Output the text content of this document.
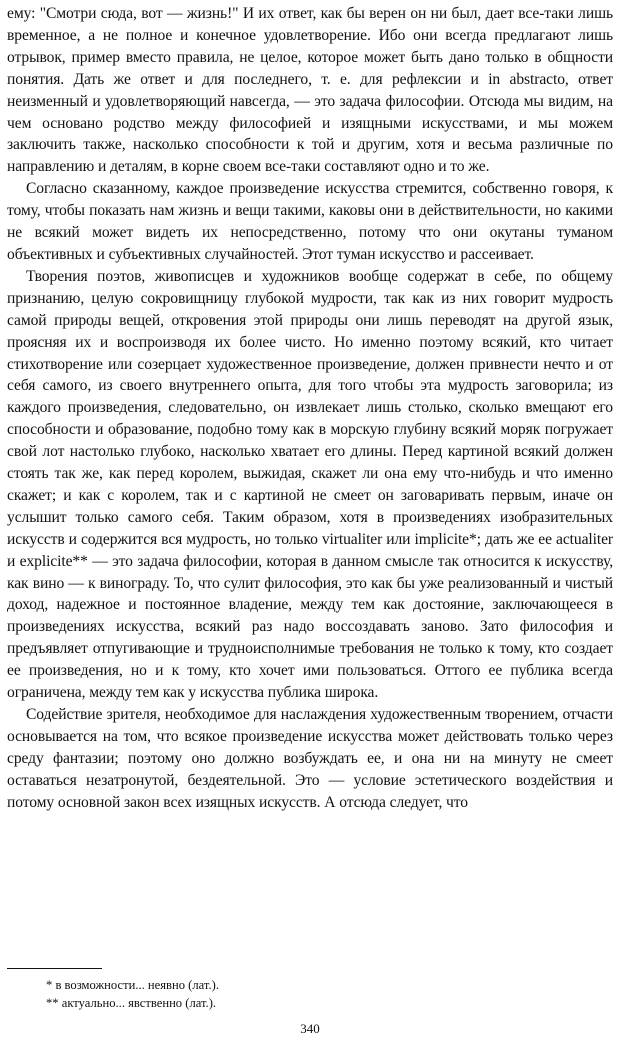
ему: "Смотри сюда, вот — жизнь!" И их ответ, как бы верен он ни был, дает все-таки лишь временное, а не полное и конечное удовлетворение. Ибо они всегда предлагают лишь отрывок, пример вместо правила, не целое, которое может быть дано только в общности понятия. Дать же ответ и для последнего, т. е. для рефлексии и in abstracto, ответ неизменный и удовлетворяющий навсегда, — это задача философии. Отсюда мы видим, на чем основано родство между философией и изящными искусствами, и мы можем заключить также, насколько способности к той и другим, хотя и весьма различные по направлению и деталям, в корне своем все-таки составляют одно и то же.

Согласно сказанному, каждое произведение искусства стремится, собственно говоря, к тому, чтобы показать нам жизнь и вещи такими, каковы они в действительности, но какими не всякий может видеть их непосредственно, потому что они окутаны туманом объективных и субъективных случайностей. Этот туман искусство и рассеивает.

Творения поэтов, живописцев и художников вообще содержат в себе, по общему признанию, целую сокровищницу глубокой мудрости, так как из них говорит мудрость самой природы вещей, откровения этой природы они лишь переводят на другой язык, проясняя их и воспроизводя их более чисто. Но именно поэтому всякий, кто читает стихотворение или созерцает художественное произведение, должен привнести нечто и от себя самого, из своего внутреннего опыта, для того чтобы эта мудрость заговорила; из каждого произведения, следовательно, он извлекает лишь столько, сколько вмещают его способности и образование, подобно тому как в морскую глубину всякий моряк погружает свой лот настолько глубоко, насколько хватает его длины. Перед картиной всякий должен стоять так же, как перед королем, выжидая, скажет ли она ему что-нибудь и что именно скажет; и как с королем, так и с картиной не смеет он заговаривать первым, иначе он услышит только самого себя. Таким образом, хотя в произведениях изобразительных искусств и содержится вся мудрость, но только virtualiter или implicite*; дать же ее actualiter и explicite** — это задача философии, которая в данном смысле так относится к искусству, как вино — к винограду. То, что сулит философия, это как бы уже реализованный и чистый доход, надежное и постоянное владение, между тем как достояние, заключающееся в произведениях искусства, всякий раз надо воссоздавать заново. Зато философия и предъявляет отпугивающие и трудноисполнимые требования не только к тому, кто создает ее произведения, но и к тому, кто хочет ими пользоваться. Оттого ее публика всегда ограничена, между тем как у искусства публика широка.

Содействие зрителя, необходимое для наслаждения художественным творением, отчасти основывается на том, что всякое произведение искусства может действовать только через среду фантазии; поэтому оно должно возбуждать ее, и она ни на минуту не смеет оставаться незатронутой, бездеятельной. Это — условие эстетического воздействия и потому основной закон всех изящных искусств. А отсюда следует, что

* в возможности... неявно (лат.).

** актуально... явственно (лат.).

340
